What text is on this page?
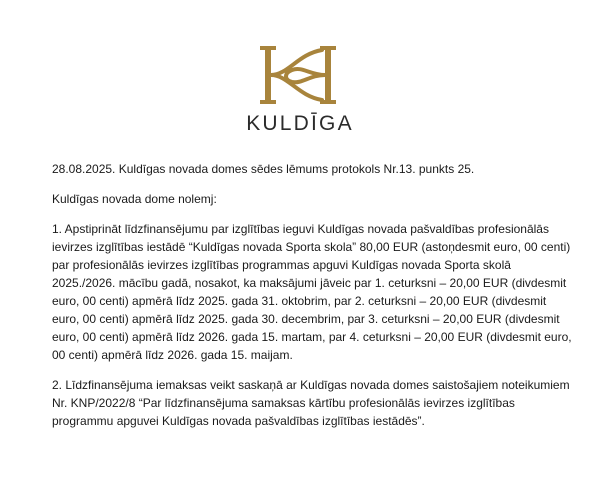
KULDĪGA

28.08.2025. Kuldīgas novada domes sēdes lēmums protokols Nr.13. punkts 25.

Kuldīgas novada dome nolemj:

1. Apstiprināt līdzfinansējumu par izglītības ieguvi Kuldīgas novada pašvaldības profesionālās ievirzes izglītības iestādē “Kuldīgas novada Sporta skola” 80,00 EUR (astoņdesmit euro, 00 centi) par profesionālās ievirzes izglītības programmas apguvi Kuldīgas novada Sporta skolā 2025./2026. mācību gadā, nosakot, ka maksājumi jāveic par 1. ceturksni – 20,00 EUR (divdesmit euro, 00 centi) apmērā līdz 2025. gada 31. oktobrim, par 2. ceturksni – 20,00 EUR (divdesmit euro, 00 centi) apmērā līdz 2025. gada 30. decembrim, par 3. ceturksni – 20,00 EUR (divdesmit euro, 00 centi) apmērā līdz 2026. gada 15. martam, par 4. ceturksni – 20,00 EUR (divdesmit euro, 00 centi) apmērā līdz 2026. gada 15. maijam.

2. Līdzfinansējuma iemaksas veikt saskaņā ar Kuldīgas novada domes saistošajiem noteikumiem Nr. KNP/2022/8 “Par līdzfinansējuma samaksas kārtību profesionālās ievirzes izglītības programmu apguvei Kuldīgas novada pašvaldības izglītības iestādēs”.
